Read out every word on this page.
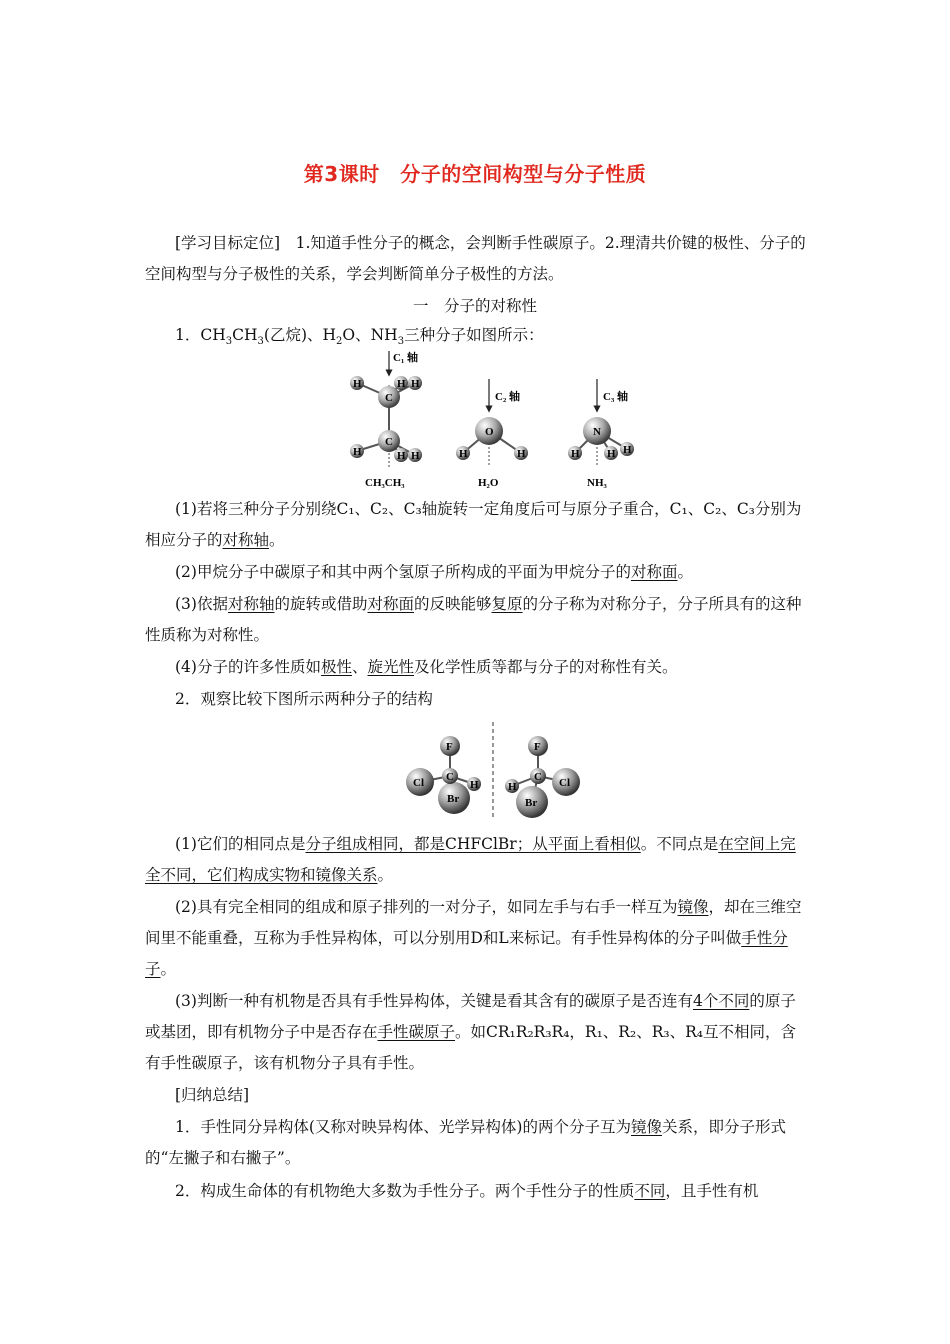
第3课时　分子的空间构型与分子性质
[学习目标定位]　1.知道手性分子的概念，会判断手性碳原子。2.理清共价键的极性、分子的空间构型与分子极性的关系，学会判断简单分子极性的方法。
一　分子的对称性
1．$CH_3CH_3$(乙烷)、$H_2O$、$NH_3$三种分子如图所示：
C₁ 轴
C
C
H	H H
H	H H
CH₃CH₃
C₂ 轴
O
H	H
H₂O
C₃ 轴
N
H H H
NH₃
(1)若将三种分子分别绕C₁、C₂、C₃轴旋转一定角度后可与原分子重合，C₁、C₂、C₃分别为相应分子的对称轴。
(2)甲烷分子中碳原子和其中两个氢原子所构成的平面为甲烷分子的对称面。
(3)依据对称轴的旋转或借助对称面的反映能够复原的分子称为对称分子，分子所具有的这种性质称为对称性。
(4)分子的许多性质如极性、旋光性及化学性质等都与分子的对称性有关。
2．观察比较下图所示两种分子的结构
F
Cl C
H
Br
F
Cl
C
H
Br
(1)它们的相同点是分子组成相同，都是CHFClBr；从平面上看相似。不同点是在空间上完全不同，它们构成实物和镜像关系。
(2)具有完全相同的组成和原子排列的一对分子，如同左手与右手一样互为镜像，却在三维空间里不能重叠，互称为手性异构体，可以分别用D和L来标记。有手性异构体的分子叫做手性分子。
(3)判断一种有机物是否具有手性异构体，关键是看其含有的碳原子是否连有4个不同的原子或基团，即有机物分子中是否存在手性碳原子。如CR₁R₂R₃R₄，R₁、R₂、R₃、R₄互不相同，含有手性碳原子，该有机物分子具有手性。
[归纳总结]
1．手性同分异构体(又称对映异构体、光学异构体)的两个分子互为镜像关系，即分子形式的“左撇子和右撇子”。
2．构成生命体的有机物绝大多数为手性分子。两个手性分子的性质不同，且手性有机
